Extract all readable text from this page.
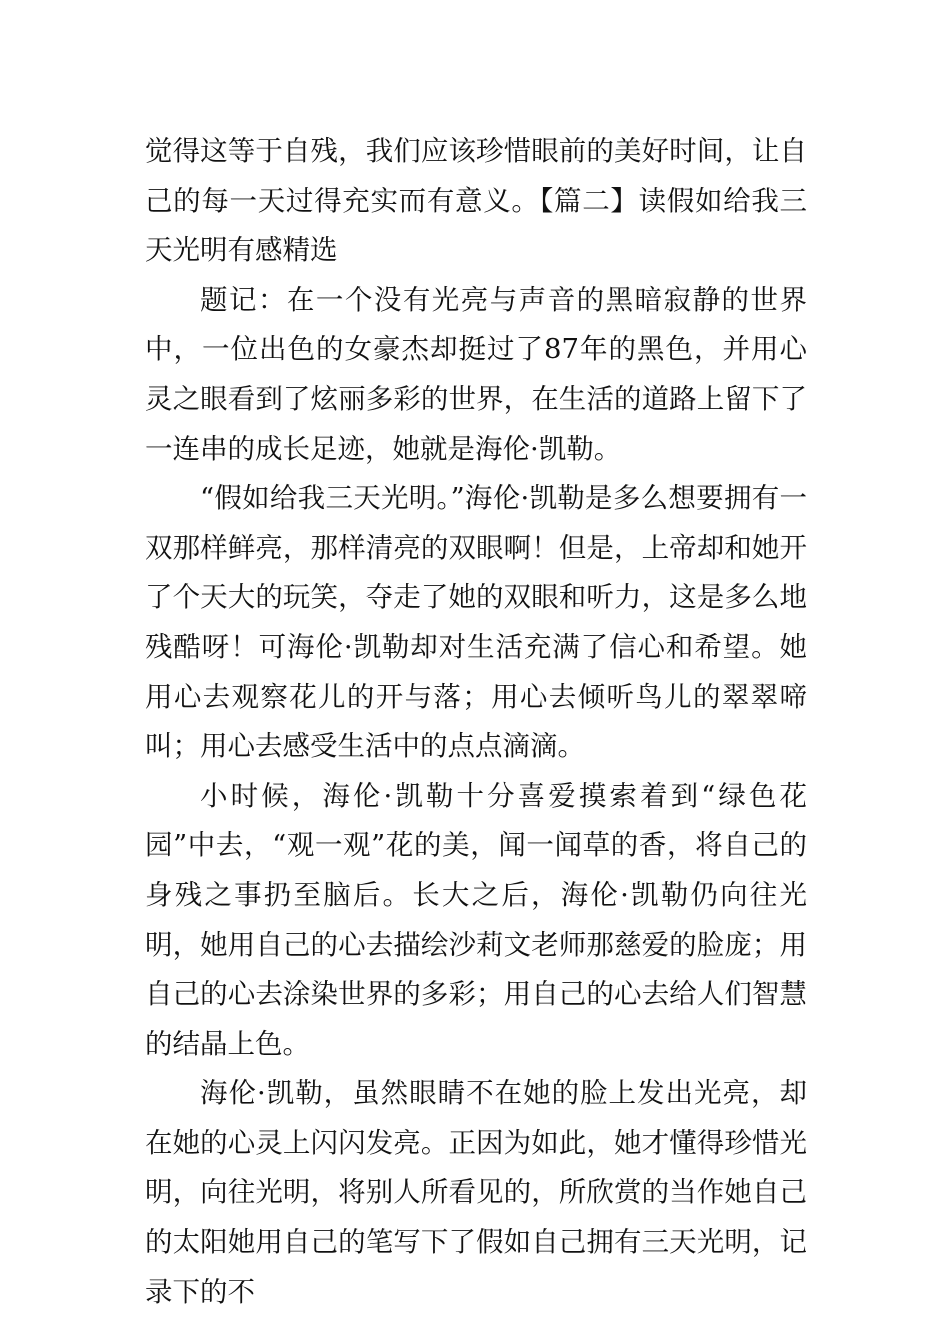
觉得这等于自残，我们应该珍惜眼前的美好时间，让自己的每一天过得充实而有意义。【篇二】读假如给我三天光明有感精选

题记：在一个没有光亮与声音的黑暗寂静的世界中，一位出色的女豪杰却挺过了87年的黑色，并用心灵之眼看到了炫丽多彩的世界，在生活的道路上留下了一连串的成长足迹，她就是海伦·凯勒。

“假如给我三天光明。”海伦·凯勒是多么想要拥有一双那样鲜亮，那样清亮的双眼啊！但是，上帝却和她开了个天大的玩笑，夺走了她的双眼和听力，这是多么地残酷呀！可海伦·凯勒却对生活充满了信心和希望。她用心去观察花儿的开与落；用心去倾听鸟儿的翠翠啼叫；用心去感受生活中的点点滴滴。

小时候，海伦·凯勒十分喜爱摸索着到“绿色花园”中去，“观一观”花的美，闻一闻草的香，将自己的身残之事扔至脑后。长大之后，海伦·凯勒仍向往光明，她用自己的心去描绘沙莉文老师那慈爱的脸庞；用自己的心去涂染世界的多彩；用自己的心去给人们智慧的结晶上色。

海伦·凯勒，虽然眼睛不在她的脸上发出光亮，却在她的心灵上闪闪发亮。正因为如此，她才懂得珍惜光明，向往光明，将别人所看见的，所欣赏的当作她自己的太阳她用自己的笔写下了假如自己拥有三天光明，记录下的不
